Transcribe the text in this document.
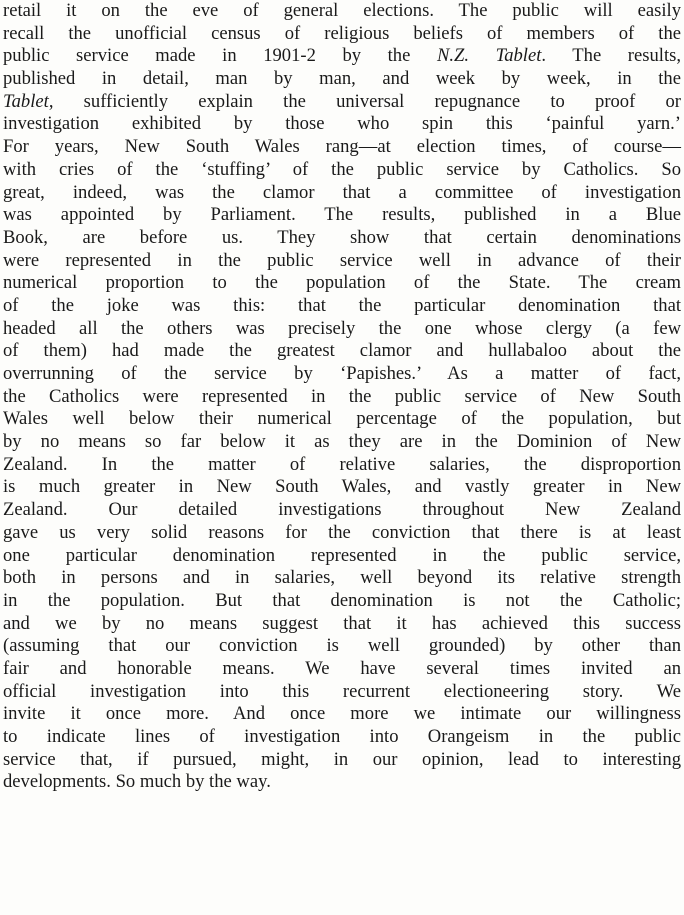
retail it on the eve of general elections. The public will easily
recall the unofficial census of religious beliefs of members of the
public service made in 1901-2 by the N.Z. Tablet. The results,
published in detail, man by man, and week by week, in the
Tablet, sufficiently explain the universal repugnance to proof or
investigation exhibited by those who spin this ‘painful yarn.’
For years, New South Wales rang—at election times, of course—
with cries of the ‘stuffing’ of the public service by Catholics. So
great, indeed, was the clamor that a committee of investigation
was appointed by Parliament. The results, published in a Blue
Book, are before us. They show that certain denominations
were represented in the public service well in advance of their
numerical proportion to the population of the State. The cream
of the joke was this: that the particular denomination that
headed all the others was precisely the one whose clergy (a few
of them) had made the greatest clamor and hullabaloo about the
overrunning of the service by ‘Papishes.’ As a matter of fact,
the Catholics were represented in the public service of New South
Wales well below their numerical percentage of the population, but
by no means so far below it as they are in the Dominion of New
Zealand. In the matter of relative salaries, the disproportion
is much greater in New South Wales, and vastly greater in New
Zealand. Our detailed investigations throughout New Zealand
gave us very solid reasons for the conviction that there is at least
one particular denomination represented in the public service,
both in persons and in salaries, well beyond its relative strength
in the population. But that denomination is not the Catholic;
and we by no means suggest that it has achieved this success
(assuming that our conviction is well grounded) by other than
fair and honorable means. We have several times invited an
official investigation into this recurrent electioneering story. We
invite it once more. And once more we intimate our willingness
to indicate lines of investigation into Orangeism in the public
service that, if pursued, might, in our opinion, lead to interesting
developments. So much by the way.
